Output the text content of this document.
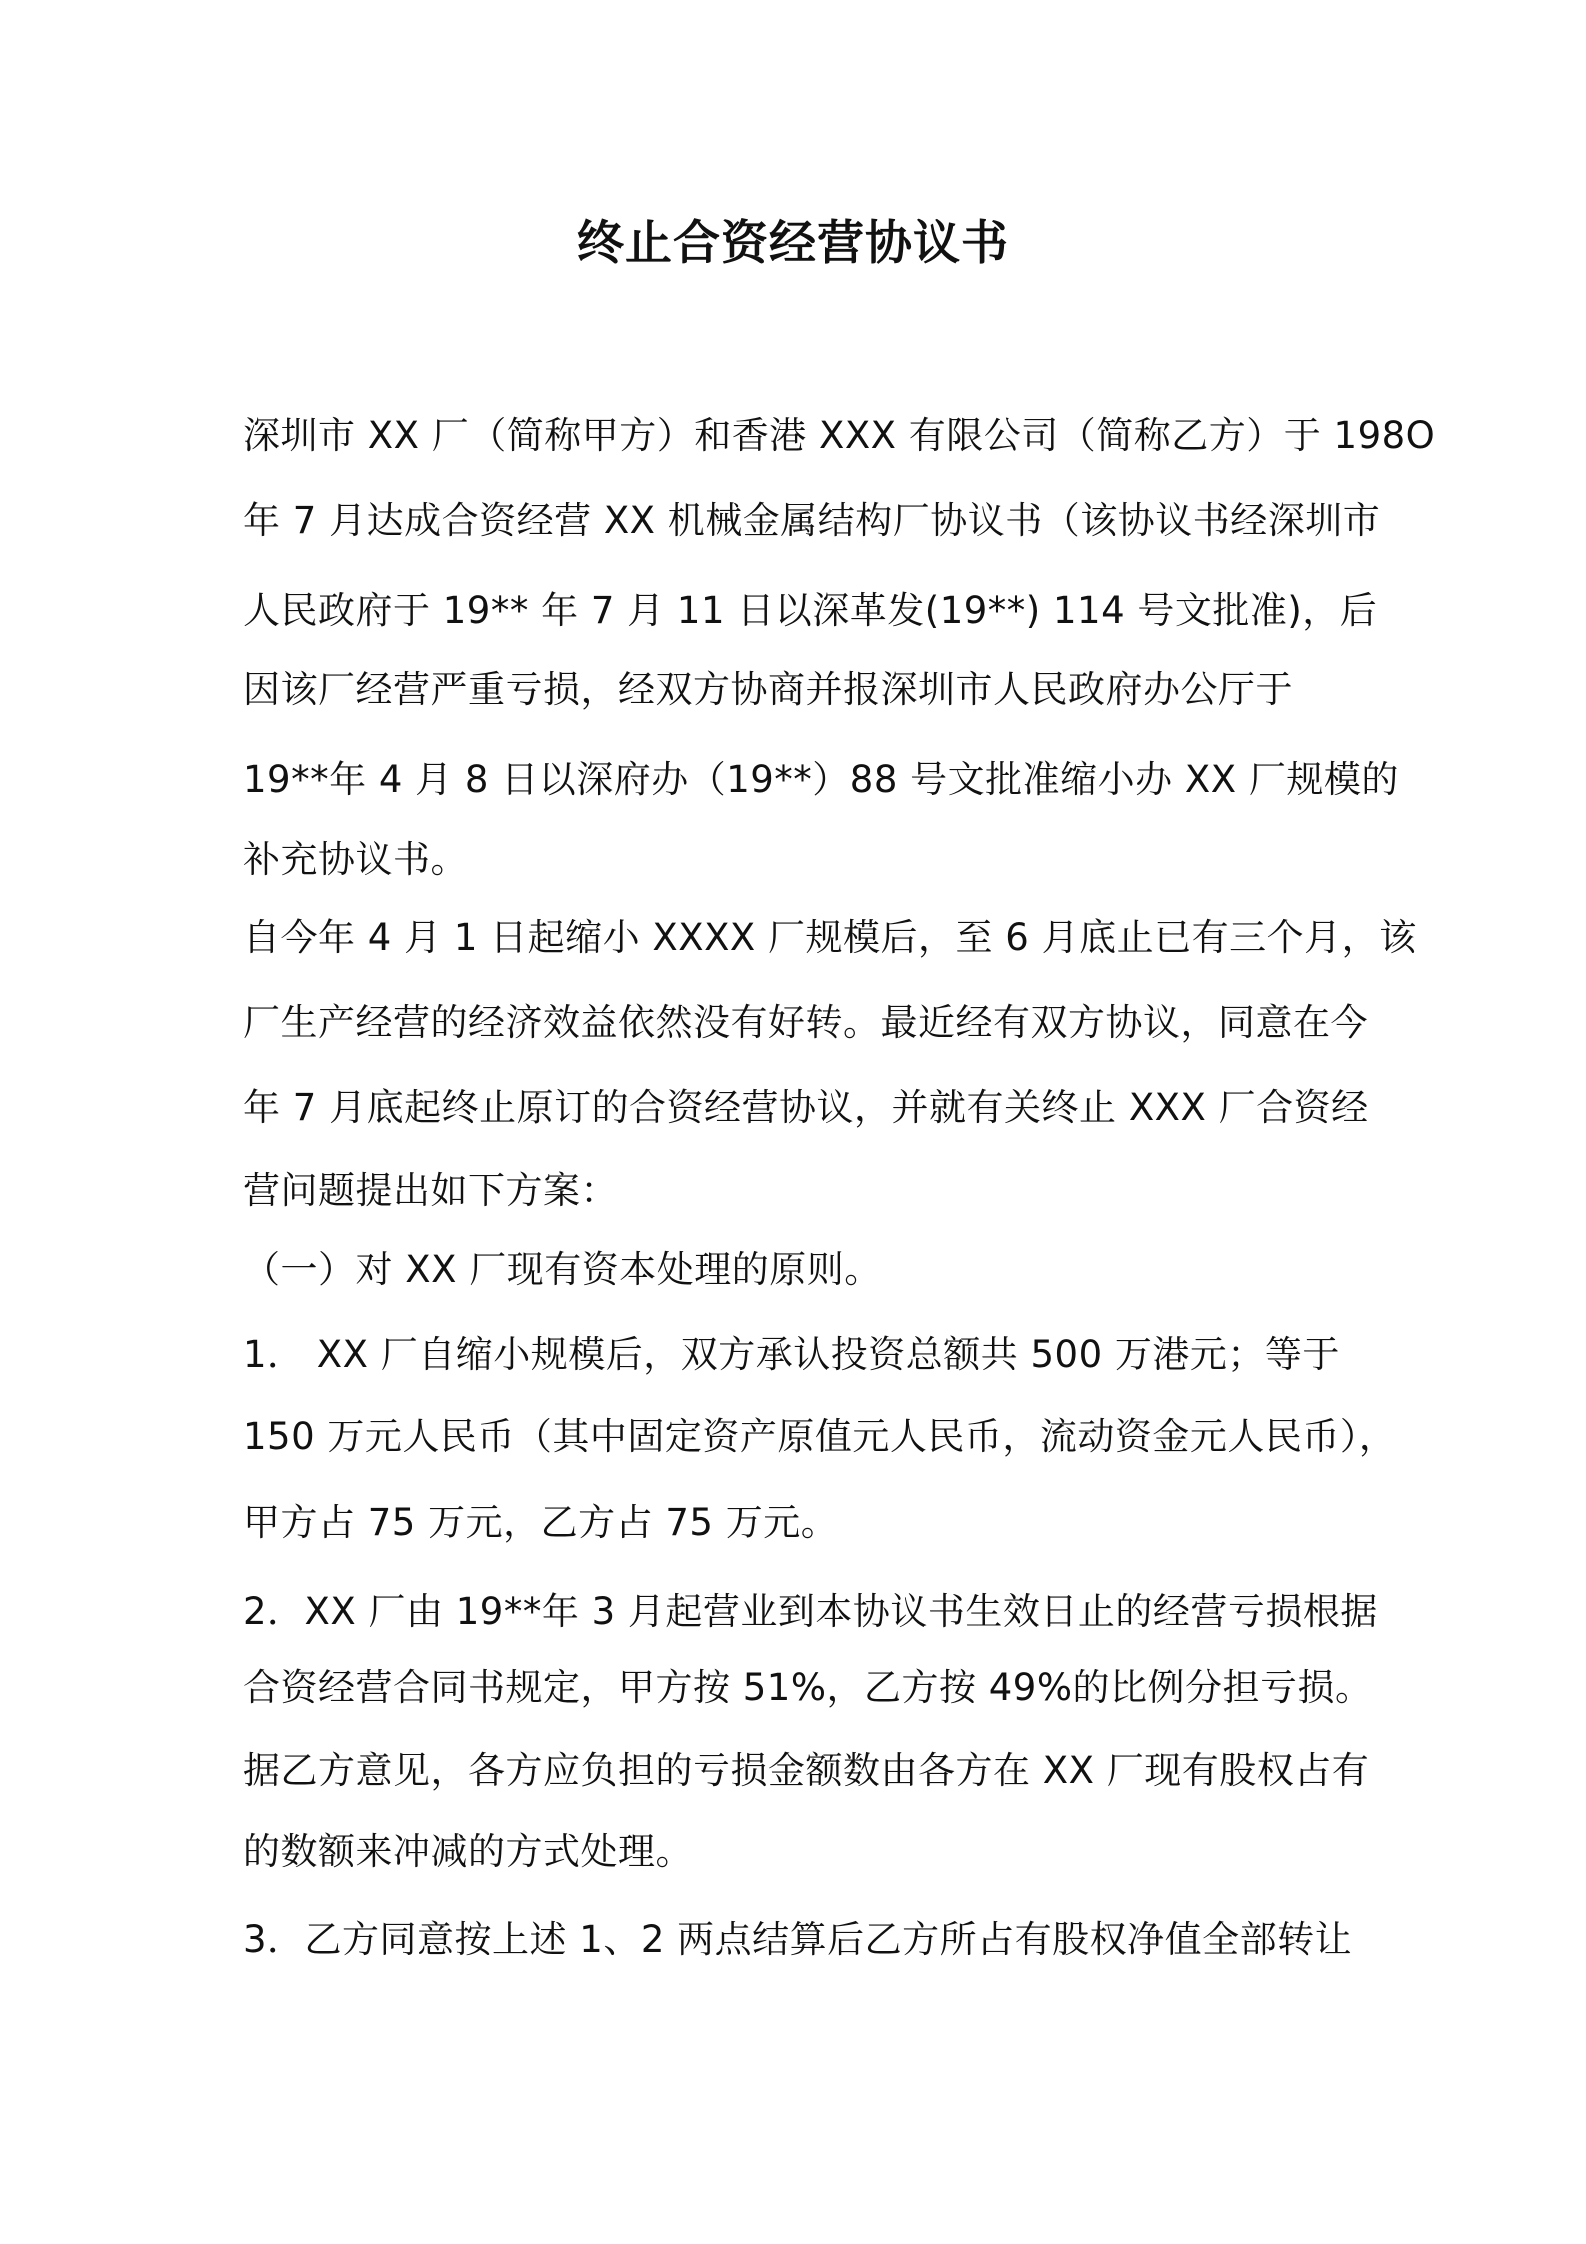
终止合资经营协议书

深圳市 XX 厂（简称甲方）和香港 XXX 有限公司（简称乙方）于 198O

年 7 月达成合资经营 XX 机械金属结构厂协议书（该协议书经深圳市

人民政府于 19** 年 7 月 11 日以深革发(19**) 114 号文批准)，后

因该厂经营严重亏损，经双方协商并报深圳市人民政府办公厅于

19**年 4 月 8 日以深府办（19**）88 号文批准缩小办 XX 厂规模的

补充协议书。

自今年 4 月 1 日起缩小 XXXX 厂规模后，至 6 月底止已有三个月，该

厂生产经营的经济效益依然没有好转。最近经有双方协议，同意在今

年 7 月底起终止原订的合资经营协议，并就有关终止 XXX 厂合资经

营问题提出如下方案：

（一）对 XX 厂现有资本处理的原则。

1． XX 厂自缩小规模后，双方承认投资总额共 500 万港元；等于

150 万元人民币（其中固定资产原值元人民币，流动资金元人民币），

甲方占 75 万元，乙方占 75 万元。

2．XX 厂由 19**年 3 月起营业到本协议书生效日止的经营亏损根据

合资经营合同书规定，甲方按 51%，乙方按 49%的比例分担亏损。

据乙方意见，各方应负担的亏损金额数由各方在 XX 厂现有股权占有

的数额来冲减的方式处理。

3．乙方同意按上述 1、2 两点结算后乙方所占有股权净值全部转让
